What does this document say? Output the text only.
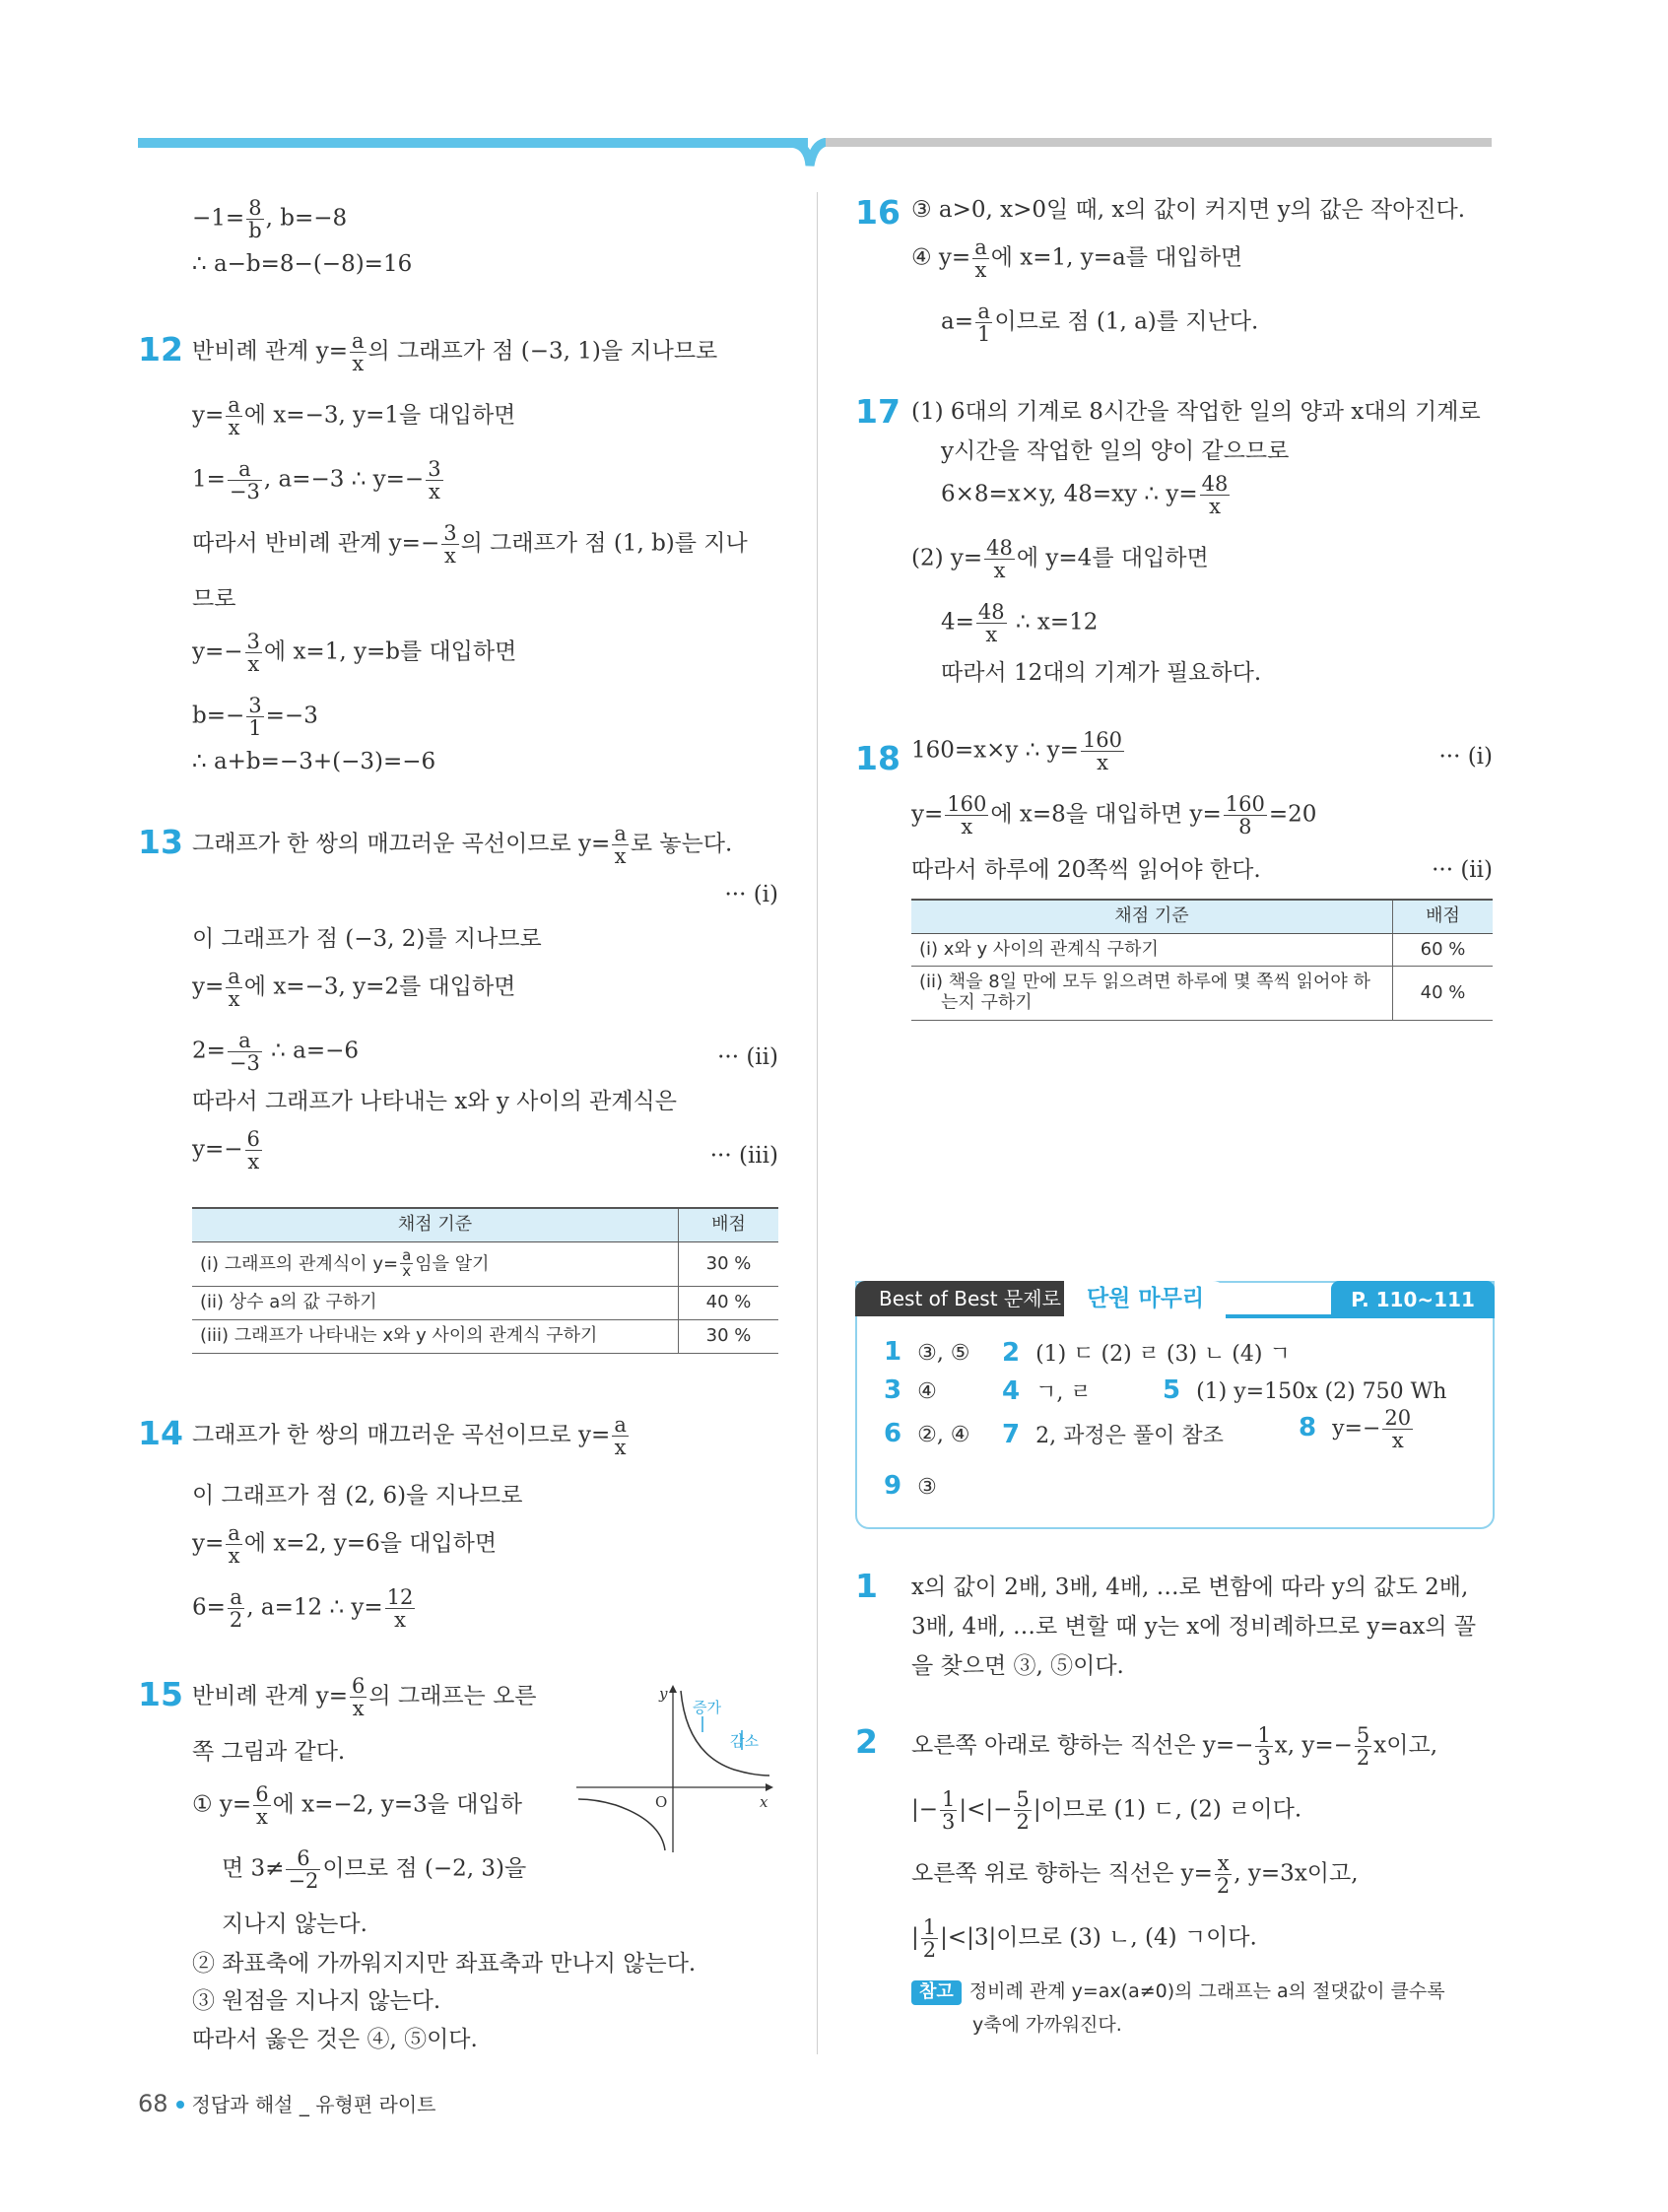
$-1= \frac{8}{b}$ , b=−8
∴ a−b=8−(−8)=16
반비례 관계 $y= \frac{a}{x}$ 의 그래프가 점 (−3, 1)을 지나므로
$y= \frac{a}{x}$ 에 x=−3, y=1을 대입하면
$1= \frac{a}{-3}$ , a=−3 ∴ $y=- \frac{3}{x}$
따라서 반비례 관계 $y=- \frac{3}{x}$ 의 그래프가 점 (1, b)를 지나
므로
$y=- \frac{3}{x}$ 에 x=1, y=b를 대입하면
$b=- \frac{3}{1} =-3$
∴ a+b=−3+(−3)=−6
그래프가 한 쌍의 매끄러운 곡선이므로 $y= \frac{a}{x}$ 로 놓는다.
··· (i)
이 그래프가 점 (−3, 2)를 지나므로
$y= \frac{a}{x}$ 에 x=−3, y=2를 대입하면
$2= \frac{a}{-3}$ ∴ a=−6	··· (ii)
따라서 그래프가 나타내는 x와 y 사이의 관계식은
$y=- \frac{6}{x}$	··· (iii)
채점 기준	배점
(i) 그래프의 관계식이 $y= \frac{a}{x}$ 임을 알기	30 %
(ii) 상수 a의 값 구하기	40 %
(iii) 그래프가 나타내는 x와 y 사이의 관계식 구하기	30 %
그래프가 한 쌍의 매끄러운 곡선이므로 $y= \frac{a}{x}$
이 그래프가 점 (2, 6)을 지나므로
$y= \frac{a}{x}$ 에 x=2, y=6을 대입하면
$6= \frac{a}{2}$ , a=12 ∴ $y= \frac{12}{x}$
반비례 관계 $y= \frac{6}{x}$ 의 그래프는 오른
쪽 그림과 같다.
① $y= \frac{6}{x}$ 에 x=−2, y=3을 대입하
면 $3\ne \frac{6}{-2}$ 이므로 점 (−2, 3)을
지나지 않는다.
② 좌표축에 가까워지지만 좌표축과 만나지 않는다.
③ 원점을 지나지 않는다.
따라서 옳은 것은 ④, ⑤이다.
y
x
O
증가
감소
12
13
14
15
③ a>0, x>0일 때, x의 값이 커지면 y의 값은 작아진다.
④ $y= \frac{a}{x}$ 에 x=1, y=a를 대입하면
$a= \frac{a}{1}$ 이므로 점 (1, a)를 지난다.
(1) 6대의 기계로 8시간을 작업한 일의 양과 x대의 기계로
y시간을 작업한 일의 양이 같으므로
6×8=x×y, 48=xy ∴ $y= \frac{48}{x}$
(2) $y= \frac{48}{x}$ 에 y=4를 대입하면
$4= \frac{48}{x}$ ∴ x=12
따라서 12대의 기계가 필요하다.
160=x×y ∴ $y= \frac{160}{x}$	··· (i)
$y= \frac{160}{x}$ 에 x=8을 대입하면 $y= \frac{160}{8} =20$
따라서 하루에 20쪽씩 읽어야 한다.	··· (ii)
채점 기준	배점
(i) x와 y 사이의 관계식 구하기	60 %
(ii) 책을 8일 만에 모두 읽으려면 하루에 몇 쪽씩 읽어야 하
는지 구하기	40 %
x의 값이 2배, 3배, 4배, …로 변함에 따라 y의 값도 2배,
3배, 4배, …로 변할 때 y는 x에 정비례하므로 y=ax의 꼴
을 찾으면 ③, ⑤이다.
오른쪽 아래로 향하는 직선은 $y=- \frac{1}{3} x$, $y=- \frac{5}{2}$ x이고,
|− $\frac{1}{3}$ |<|− $\frac{5}{2}$ |이므로 (1) ㄷ, (2) ㄹ이다.
오른쪽 위로 향하는 직선은 $y= \frac{x}{2}$ , y=3x이고,
| $\frac{1}{2} |<|3|$이므로 (3) ㄴ, (4) ㄱ이다.
참고 정비례 관계 y=ax(a≠0)의 그래프는 a의 절댓값이 클수록
y축에 가까워진다.
16
17
18
1
2
Best of Best 문제로	단원 마무리	P. 110~111
1 ③, ⑤ 2 (1) ㄷ (2) ㄹ (3) ㄴ (4) ㄱ
3 ④	4 ㄱ, ㄹ	5 (1) y=150x (2) 750 Wh
6 ②, ④ 7 2, 과정은 풀이 참조	8 $y=- \frac{20}{x}$
9 ③
68 정답과 해설 _ 유형편 라이트
